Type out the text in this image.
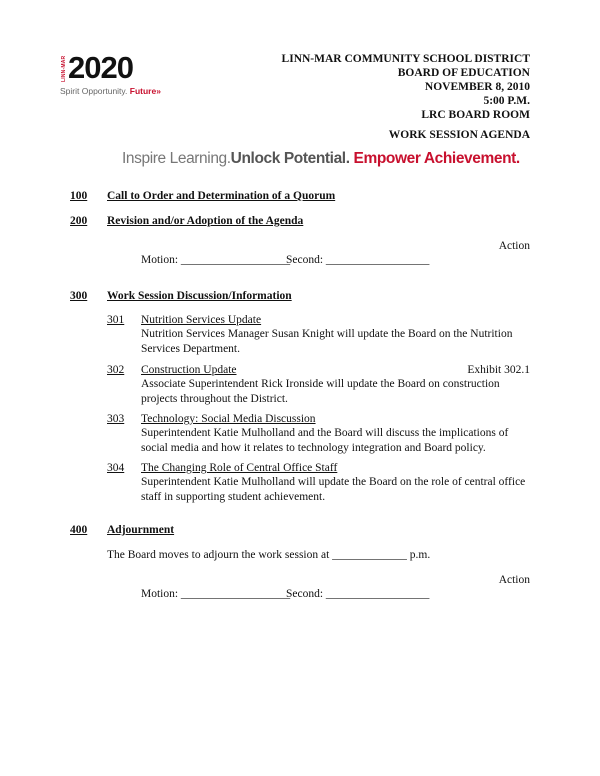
LINN-MAR 2020
Spirit Opportunity. Future»
LINN-MAR COMMUNITY SCHOOL DISTRICT
BOARD OF EDUCATION
NOVEMBER 8, 2010
5:00 P.M.
LRC BOARD ROOM
WORK SESSION AGENDA
Inspire Learning.Unlock Potential. Empower Achievement.
100 Call to Order and Determination of a Quorum
200 Revision and/or Adoption of the Agenda
Action
Motion: ___________________
Second: __________________
300 Work Session Discussion/Information
301 Nutrition Services Update
Nutrition Services Manager Susan Knight will update the Board on the Nutrition Services Department.
302 Construction Update	Exhibit 302.1
Associate Superintendent Rick Ironside will update the Board on construction projects throughout the District.
303 Technology: Social Media Discussion
Superintendent Katie Mulholland and the Board will discuss the implications of social media and how it relates to technology integration and Board policy.
304 The Changing Role of Central Office Staff
Superintendent Katie Mulholland will update the Board on the role of central office staff in supporting student achievement.
400 Adjournment
The Board moves to adjourn the work session at _____________ p.m.
Action
Motion: ___________________
Second: __________________
